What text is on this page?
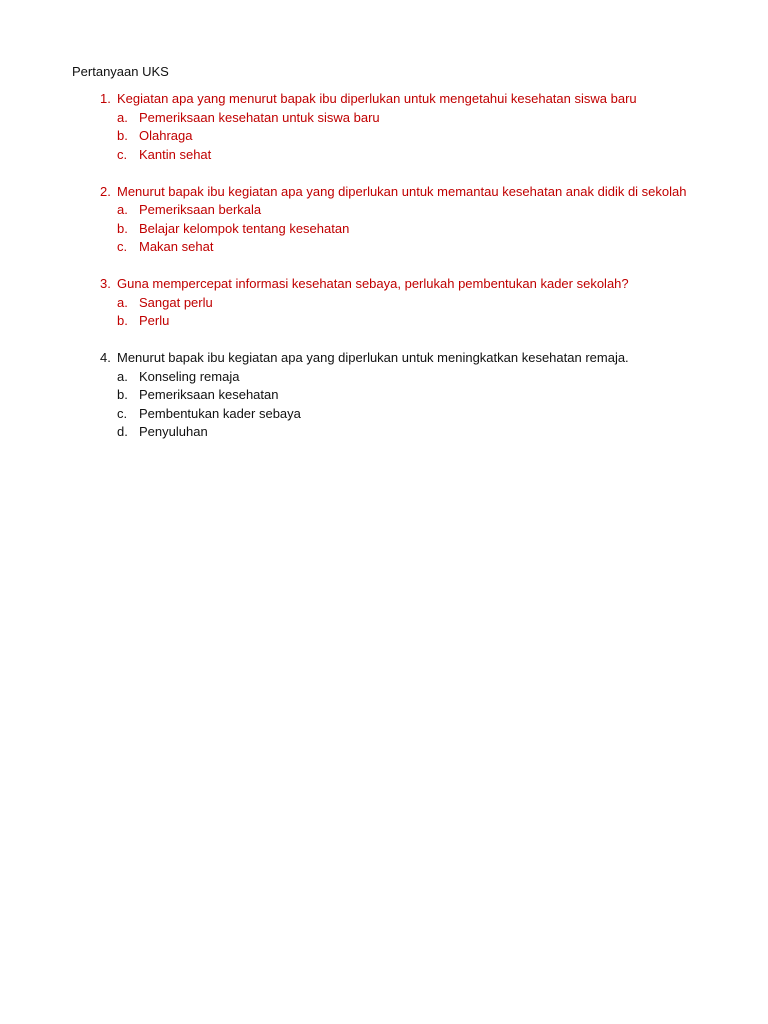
Pertanyaan UKS
1. Kegiatan apa yang menurut bapak ibu diperlukan untuk mengetahui kesehatan siswa baru
a. Pemeriksaan kesehatan untuk siswa baru
b. Olahraga
c. Kantin sehat
2. Menurut bapak ibu kegiatan apa yang diperlukan untuk memantau kesehatan anak didik di sekolah
a. Pemeriksaan berkala
b. Belajar kelompok tentang kesehatan
c. Makan sehat
3. Guna mempercepat informasi kesehatan sebaya, perlukah pembentukan kader sekolah?
a. Sangat perlu
b. Perlu
4. Menurut bapak ibu kegiatan apa yang diperlukan untuk meningkatkan kesehatan remaja.
a. Konseling remaja
b. Pemeriksaan kesehatan
c. Pembentukan kader sebaya
d. Penyuluhan
